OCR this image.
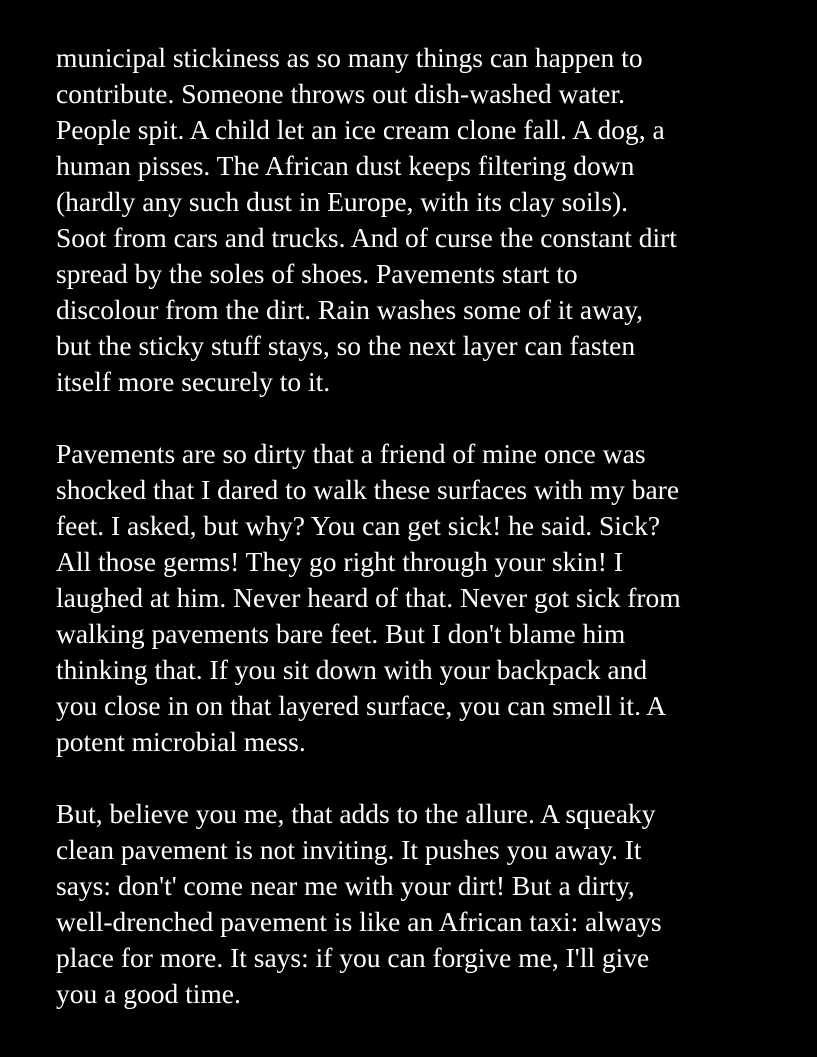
municipal stickiness as so many things can happen to
contribute. Someone throws out dish-washed water.
People spit. A child let an ice cream clone fall. A dog, a
human pisses. The African dust keeps filtering down
(hardly any such dust in Europe, with its clay soils).
Soot from cars and trucks. And of curse the constant dirt
spread by the soles of shoes. Pavements start to
discolour from the dirt. Rain washes some of it away,
but the sticky stuff stays, so the next layer can fasten
itself more securely to it.
Pavements are so dirty that a friend of mine once was
shocked that I dared to walk these surfaces with my bare
feet. I asked, but why? You can get sick! he said. Sick?
All those germs! They go right through your skin! I
laughed at him. Never heard of that. Never got sick from
walking pavements bare feet. But I don't blame him
thinking that. If you sit down with your backpack and
you close in on that layered surface, you can smell it. A
potent microbial mess.
But, believe you me, that adds to the allure. A squeaky
clean pavement is not inviting. It pushes you away. It
says: don't' come near me with your dirt! But a dirty,
well-drenched pavement is like an African taxi: always
place for more. It says: if you can forgive me, I'll give
you a good time.
